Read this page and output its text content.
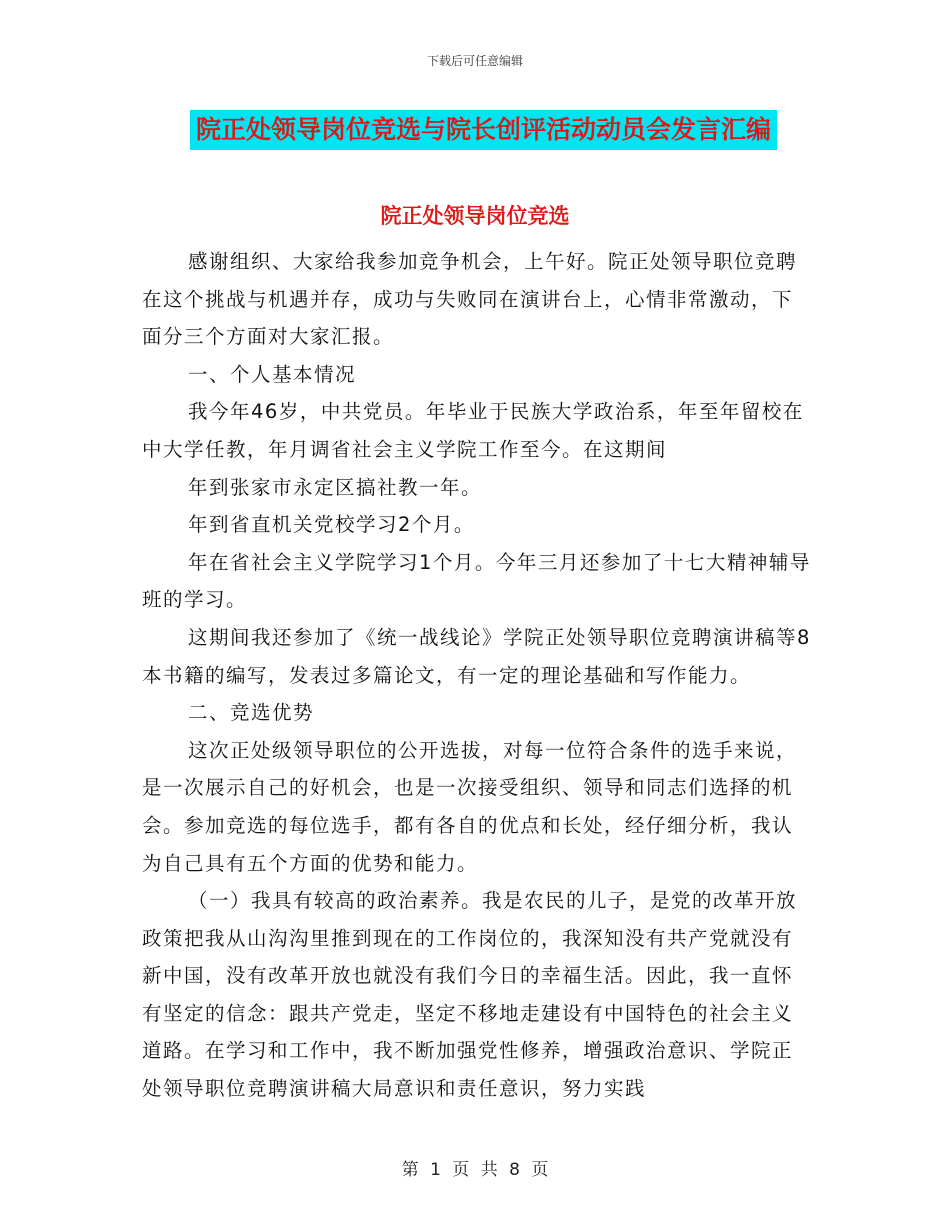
下载后可任意编辑
院正处领导岗位竞选与院长创评活动动员会发言汇编
院正处领导岗位竞选

感谢组织、大家给我参加竞争机会，上午好。院正处领导职位竞聘在这个挑战与机遇并存，成功与失败同在演讲台上，心情非常激动，下面分三个方面对大家汇报。

一、个人基本情况

我今年46岁，中共党员。年毕业于民族大学政治系，年至年留校在中大学任教，年月调省社会主义学院工作至今。在这期间

年到张家市永定区搞社教一年。

年到省直机关党校学习2个月。

年在省社会主义学院学习1个月。今年三月还参加了十七大精神辅导班的学习。

这期间我还参加了《统一战线论》学院正处领导职位竞聘演讲稿等8本书籍的编写，发表过多篇论文，有一定的理论基础和写作能力。

二、竞选优势

这次正处级领导职位的公开选拔，对每一位符合条件的选手来说，是一次展示自己的好机会，也是一次接受组织、领导和同志们选择的机会。参加竞选的每位选手，都有各自的优点和长处，经仔细分析，我认为自己具有五个方面的优势和能力。

（一）我具有较高的政治素养。我是农民的儿子，是党的改革开放政策把我从山沟沟里推到现在的工作岗位的，我深知没有共产党就没有新中国，没有改革开放也就没有我们今日的幸福生活。因此，我一直怀有坚定的信念：跟共产党走，坚定不移地走建设有中国特色的社会主义道路。在学习和工作中，我不断加强党性修养，增强政治意识、学院正处领导职位竞聘演讲稿大局意识和责任意识，努力实践

第 1 页 共 8 页
